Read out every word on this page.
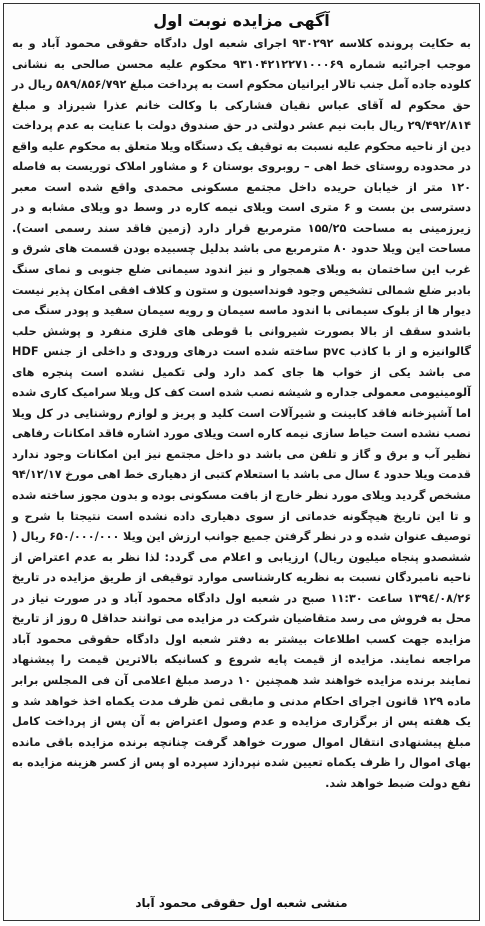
آگهی مزایده نوبت اول

به حکایت پرونده کلاسه ۹۳۰۲۹۲ اجرای شعبه اول دادگاه حقوقی محمود آباد و به موجب اجرائیه شماره ۹۳۱۰۴۲۱۲۲۷۱۰۰۰۶۹ محکوم علیه محسن صالحی به نشانی کلوده جاده آمل جنب تالار ایرانیان محکوم است به پرداخت مبلغ ۵۸۹/۸۵۶/۷۹۲ ریال در حق محکوم له آقای عباس نقیان فشارکی با وکالت خانم عذرا شیرزاد و مبلغ ۲۹/۴۹۲/۸۱۴ ریال بابت نیم عشر دولتی در حق صندوق دولت با عنایت به عدم پرداخت دین از ناحیه محکوم علیه نسبت به توقیف یک دستگاه ویلا متعلق به محکوم علیه واقع در محدوده روستای خط اهی – روبروی بوستان ۶ و مشاور املاک توریست به فاصله ۱۲۰ متر از خیابان حریده داخل مجتمع مسکونی محمدی واقع شده است معبر دسترسی بن بست و ۶ متری است ویلای نیمه کاره در وسط دو ویلای مشابه و در زیرزمینی به مساحت ۱۵۵/۲۵ مترمربع قرار دارد (زمین فاقد سند رسمی است). مساحت این ویلا حدود ۸۰ مترمربع می باشد بدلیل چسبیده بودن قسمت های شرق و غرب این ساختمان به ویلای همجوار و نیز اندود سیمانی ضلع جنوبی و نمای سنگ بادبر ضلع شمالی تشخیص وجود فونداسیون و ستون و کلاف افقی امکان پذیر نیست دیوار ها از بلوک سیمانی با اندود ماسه سیمان و رویه سیمان سفید و پودر سنگ می باشدو سقف از بالا بصورت شیروانی با قوطی های فلزی منفرد و پوشش حلب گالوانیزه و از با کاذب pvc ساخته شده است درهای ورودی و داخلی از جنس HDF می باشد یکی از خواب ها جای کمد دارد ولی تکمیل نشده است پنجره های آلومینیومی معمولی جداره و شیشه نصب شده است کف کل ویلا سرامیک کاری شده اما آشپزخانه فاقد کابینت و شیرآلات است کلید و پریز و لوازم روشنایی در کل ویلا نصب نشده است حیاط سازی نیمه کاره است ویلای مورد اشاره فاقد امکانات رفاهی نظیر آب و برق و گاز و تلفن می باشد دو داخل مجتمع نیز این امکانات وجود ندارد قدمت ویلا حدود ٤ سال می باشد با استعلام کتبی از دهیاری خط اهی مورخ ۹۴/۱۲/۱۷ مشخص گردید ویلای مورد نظر خارج از بافت مسکونی بوده و بدون مجوز ساخته شده و تا این تاریخ هیچگونه خدماتی از سوی دهیاری داده نشده است نتیجتا با شرح و توصیف عنوان شده و در نظر گرفتن جمیع جوانب ارزش این ویلا ۶۵۰/۰۰۰/۰۰۰ ریال ( ششصدو پنجاه میلیون ریال) ارزیابی و اعلام می گردد: لذا نظر به عدم اعتراض از ناحیه نامبردگان نسبت به نظریه کارشناسی موارد توقیفی از طریق مزایده در تاریخ ۱۳۹٤/۰۸/۲۶ ساعت ۱۱:۳۰ صبح در شعبه اول دادگاه محمود آباد و در صورت نیاز در محل به فروش می رسد متقاضیان شرکت در مزایده می توانند حداقل ۵ روز از تاریخ مزایده جهت کسب اطلاعات بیشتر به دفتر شعبه اول دادگاه حقوقی محمود آباد مراجعه نمایند. مزایده از قیمت پایه شروع و کسانیکه بالاترین قیمت را پیشنهاد نمایند برنده مزایده خواهند شد همچنین ۱۰ درصد مبلغ اعلامی آن فی المجلس برابر ماده ۱۲۹ قانون اجرای احکام مدنی و مابقی ثمن ظرف مدت یکماه اخذ خواهد شد و یک هفته پس از برگزاری مزایده و عدم وصول اعتراض به آن پس از پرداخت کامل مبلغ پیشنهادی انتقال اموال صورت خواهد گرفت چنانچه برنده مزایده باقی مانده بهای اموال را ظرف یکماه تعیین شده نپردازد سپرده او پس از کسر هزینه مزایده به نفع دولت ضبط خواهد شد.

منشی شعبه اول حقوقی محمود آباد
